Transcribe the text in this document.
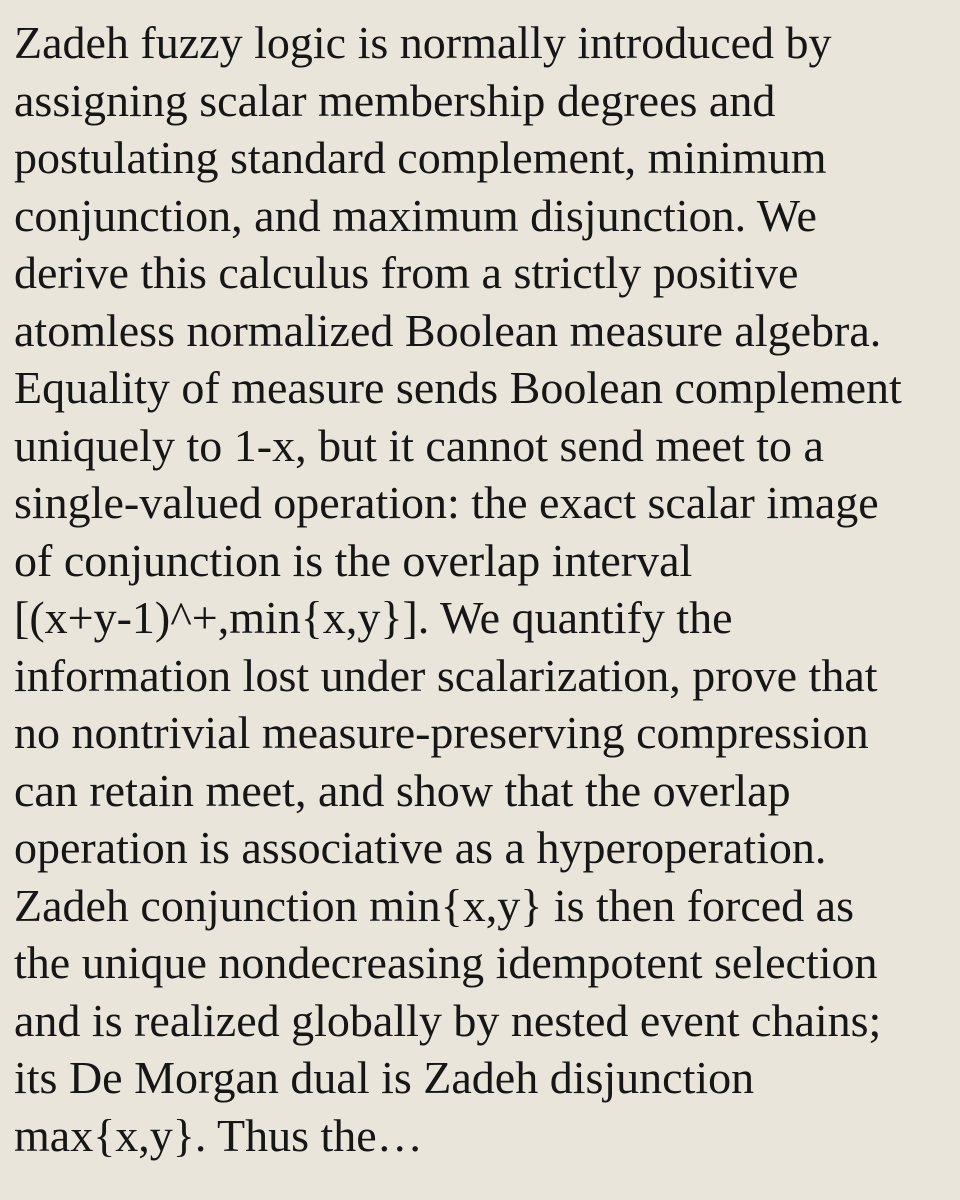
Zadeh fuzzy logic is normally introduced by
assigning scalar membership degrees and
postulating standard complement, minimum
conjunction, and maximum disjunction. We
derive this calculus from a strictly positive
atomless normalized Boolean measure algebra.
Equality of measure sends Boolean complement
uniquely to 1-x, but it cannot send meet to a
single-valued operation: the exact scalar image
of conjunction is the overlap interval
[(x+y-1)^+,min{x,y}]. We quantify the
information lost under scalarization, prove that
no nontrivial measure-preserving compression
can retain meet, and show that the overlap
operation is associative as a hyperoperation.
Zadeh conjunction min{x,y} is then forced as
the unique nondecreasing idempotent selection
and is realized globally by nested event chains;
its De Morgan dual is Zadeh disjunction
max{x,y}. Thus the…
